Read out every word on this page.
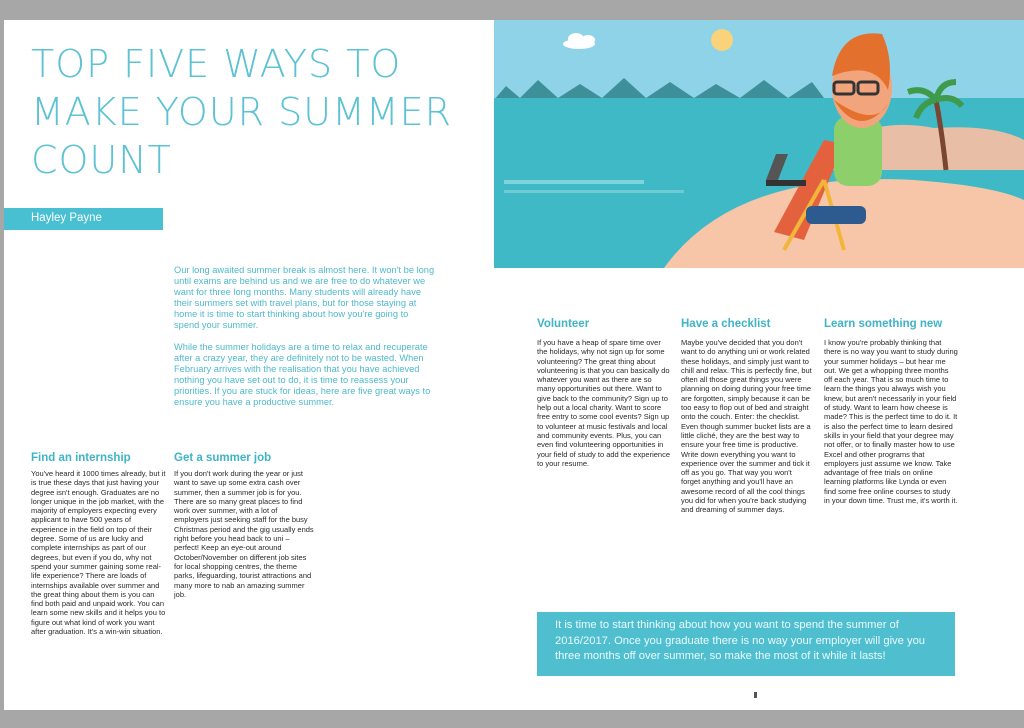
TOP FIVE WAYS TO MAKE YOUR SUMMER COUNT
Hayley Payne

Our long awaited summer break is almost here. It won't be long until exams are behind us and we are free to do whatever we want for three long months. Many students will already have their summers set with travel plans, but for those staying at home it is time to start thinking about how you're going to spend your summer.

While the summer holidays are a time to relax and recuperate after a crazy year, they are definitely not to be wasted. When February arrives with the realisation that you have achieved nothing you have set out to do, it is time to reassess your priorities. If you are stuck for ideas, here are five great ways to ensure you have a productive summer.

Find an internship

You've heard it 1000 times already, but it is true these days that just having your degree isn't enough. Graduates are no longer unique in the job market, with the majority of employers expecting every applicant to have 500 years of experience in the field on top of their degree. Some of us are lucky and complete internships as part of our degrees, but even if you do, why not spend your summer gaining some real-life experience? There are loads of internships available over summer and the great thing about them is you can find both paid and unpaid work. You can learn some new skills and it helps you to figure out what kind of work you want after graduation. It's a win-win situation.

Get a summer job

If you don't work during the year or just want to save up some extra cash over summer, then a summer job is for you. There are so many great places to find work over summer, with a lot of employers just seeking staff for the busy Christmas period and the gig usually ends right before you head back to uni – perfect! Keep an eye-out around October/November on different job sites for local shopping centres, the theme parks, lifeguarding, tourist attractions and many more to nab an amazing summer job.

Volunteer

If you have a heap of spare time over the holidays, why not sign up for some volunteering? The great thing about volunteering is that you can basically do whatever you want as there are so many opportunities out there. Want to give back to the community? Sign up to help out a local charity. Want to score free entry to some cool events? Sign up to volunteer at music festivals and local and community events. Plus, you can even find volunteering opportunities in your field of study to add the experience to your resume.

Have a checklist

Maybe you've decided that you don't want to do anything uni or work related these holidays, and simply just want to chill and relax. This is perfectly fine, but often all those great things you were planning on doing during your free time are forgotten, simply because it can be too easy to flop out of bed and straight onto the couch. Enter: the checklist. Even though summer bucket lists are a little cliché, they are the best way to ensure your free time is productive. Write down everything you want to experience over the summer and tick it off as you go. That way you won't forget anything and you'll have an awesome record of all the cool things you did for when you're back studying and dreaming of summer days.

Learn something new

I know you're probably thinking that there is no way you want to study during your summer holidays – but hear me out. We get a whopping three months off each year. That is so much time to learn the things you always wish you knew, but aren't necessarily in your field of study. Want to learn how cheese is made? This is the perfect time to do it. It is also the perfect time to learn desired skills in your field that your degree may not offer, or to finally master how to use Excel and other programs that employers just assume we know. Take advantage of free trials on online learning platforms like Lynda or even find some free online courses to study in your down time. Trust me, it's worth it.

It is time to start thinking about how you want to spend the summer of 2016/2017. Once you graduate there is no way your employer will give you three months off over summer, so make the most of it while it lasts!
